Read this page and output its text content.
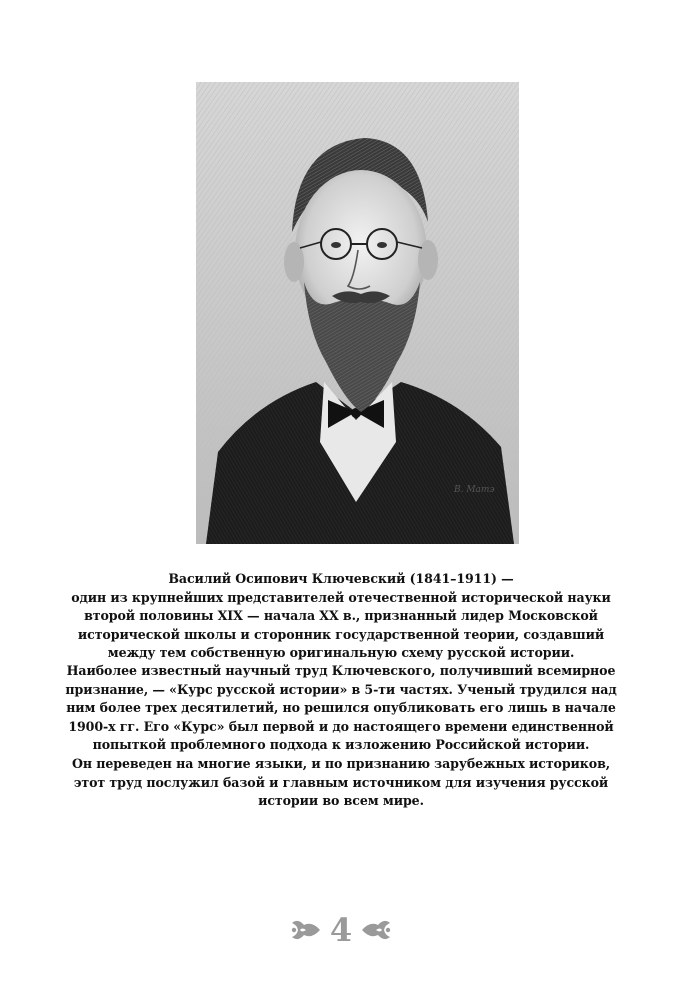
В. Матэ
Василий Осипович Ключевский (1841–1911) —
один из крупнейших представителей отечественной исторической науки
второй половины XIX — начала XX в., признанный лидер Московской
исторической школы и сторонник государственной теории, создавший
между тем собственную оригинальную схему русской истории.
Наиболее известный научный труд Ключевского, получивший всемирное
признание, — «Курс русской истории» в 5-ти частях. Ученый трудился над
ним более трех десятилетий, но решился опубликовать его лишь в начале
1900-х гг. Его «Курс» был первой и до настоящего времени единственной
попыткой проблемного подхода к изложению Российской истории.
Он переведен на многие языки, и по признанию зарубежных историков,
этот труд послужил базой и главным источником для изучения русской
истории во всем мире.
4
